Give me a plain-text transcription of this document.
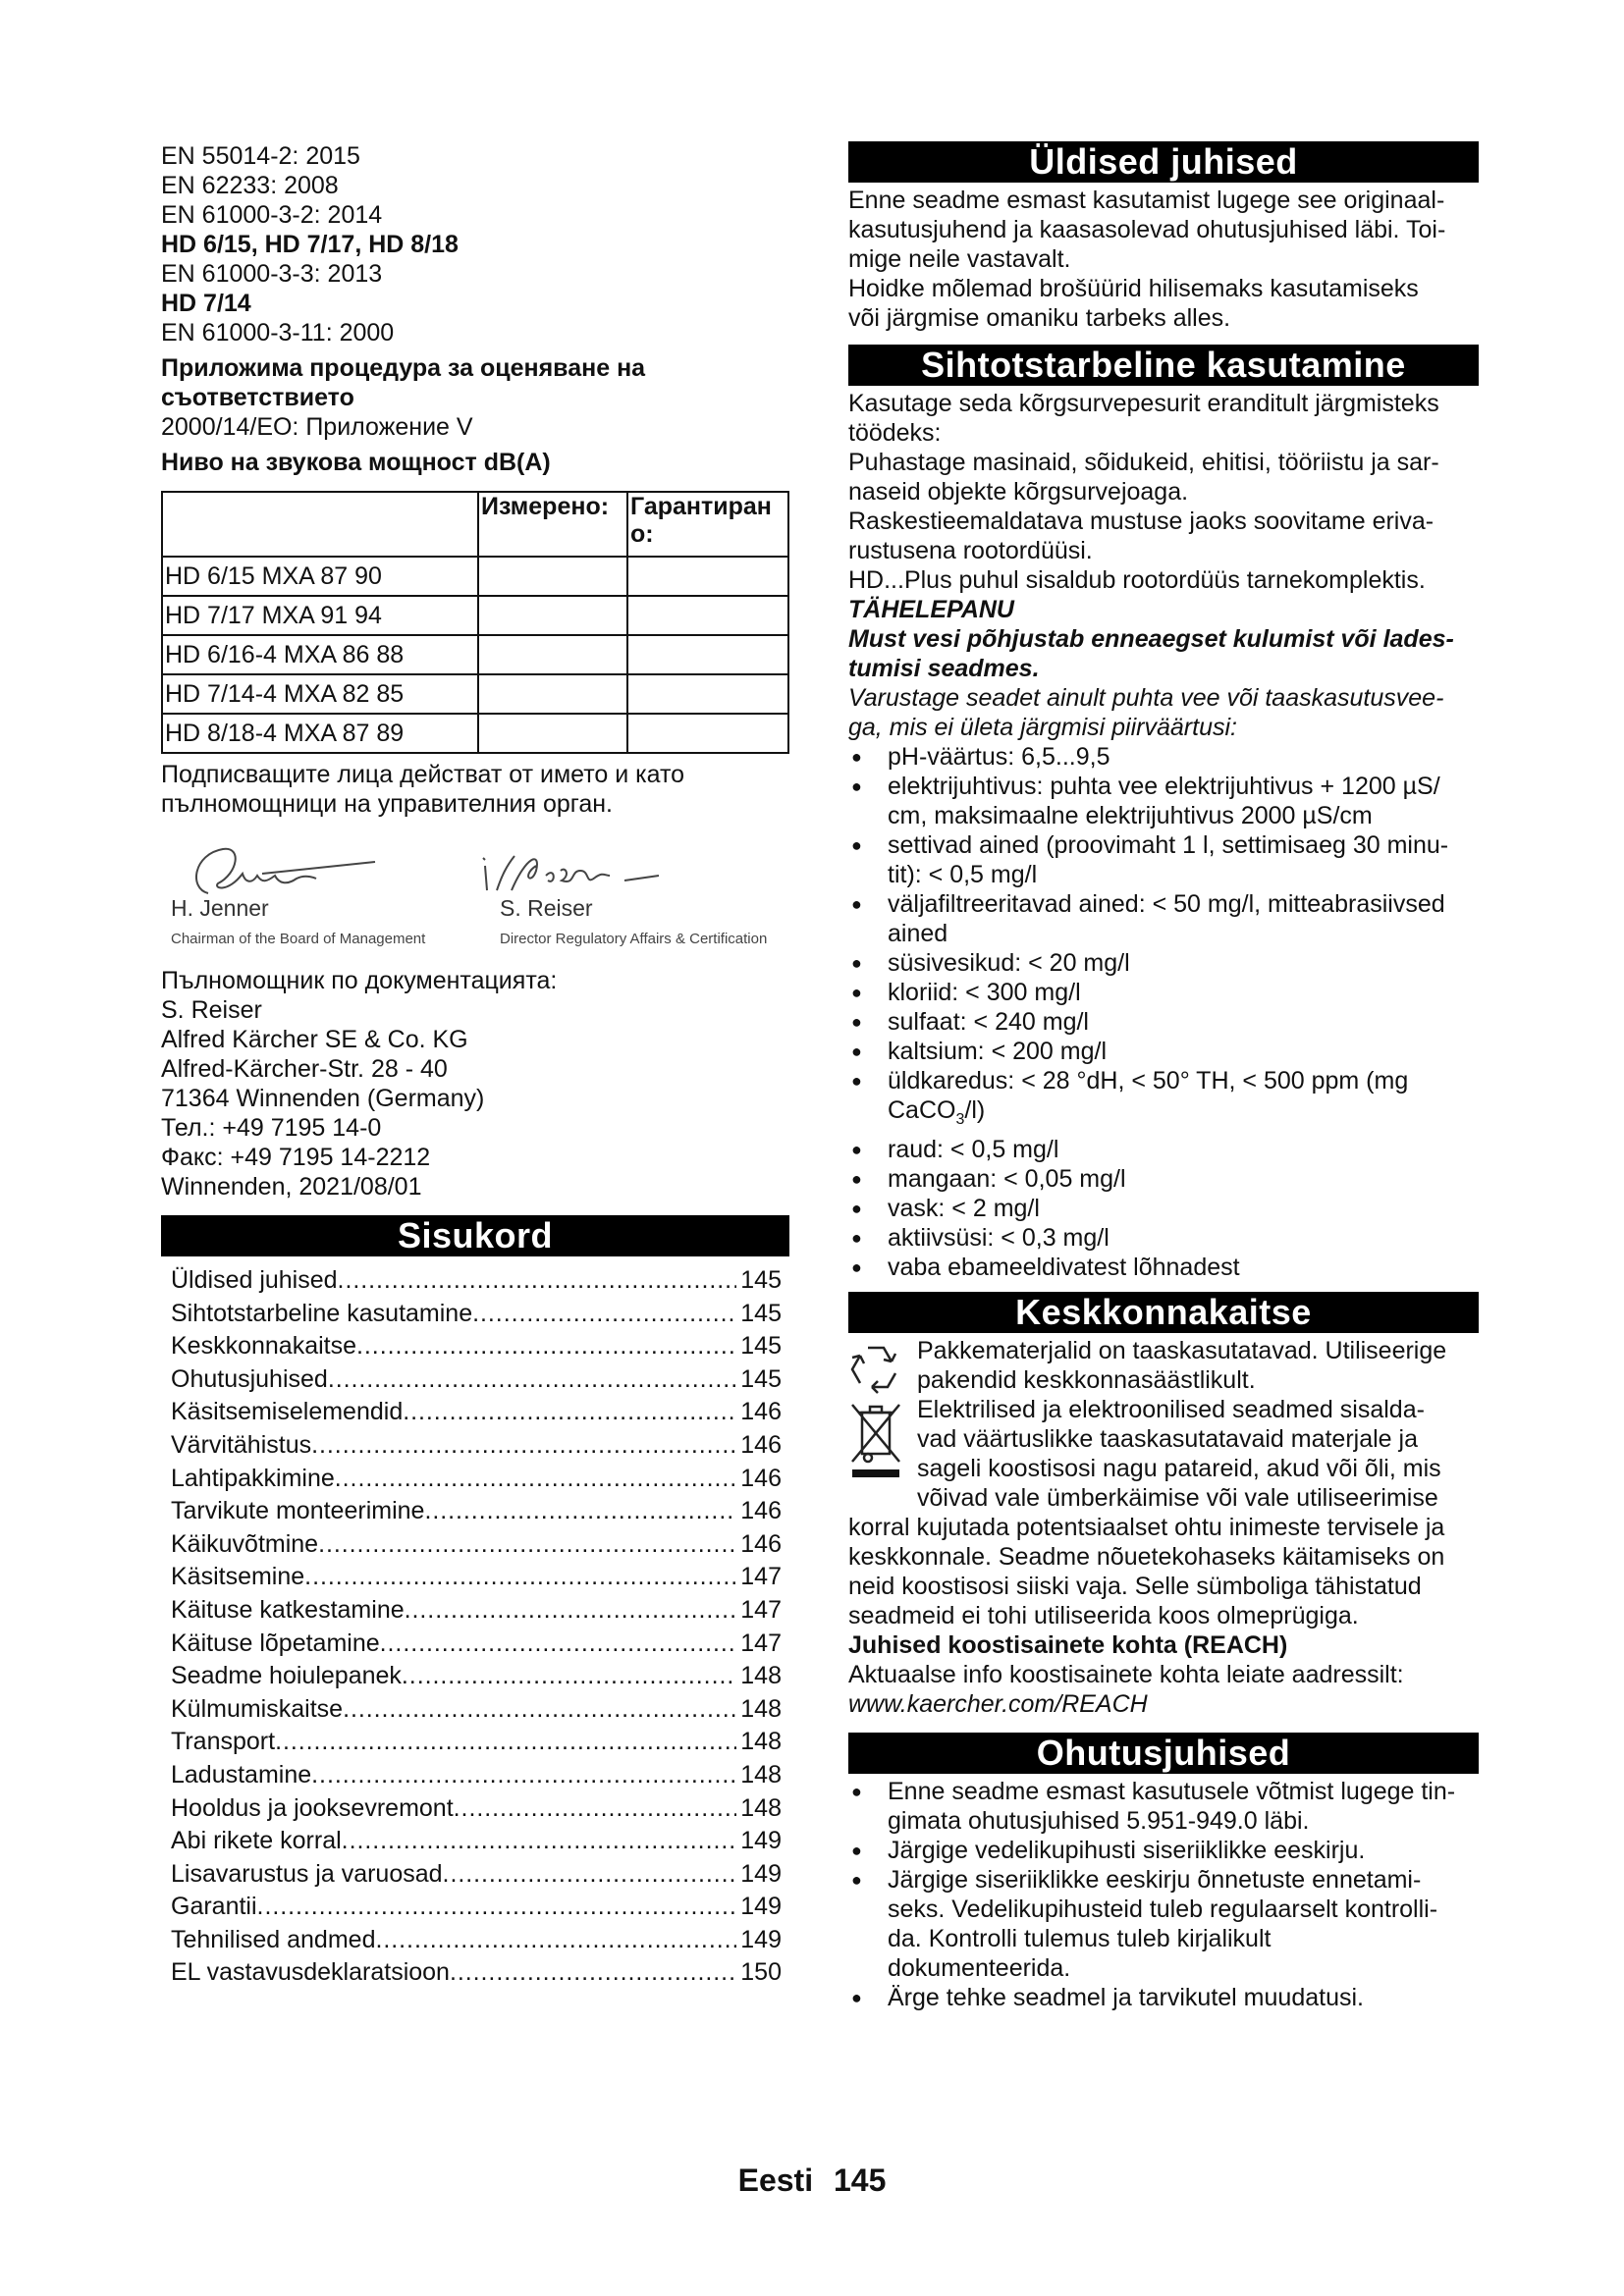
EN 55014-2: 2015
EN 62233: 2008
EN 61000-3-2: 2014
HD 6/15, HD 7/17, HD 8/18
EN 61000-3-3: 2013
HD 7/14
EN 61000-3-11: 2000
Приложима процедура за оценяване на
съответствието
2000/14/EO: Приложение V
Ниво на звукова мощност dB(A)
	Измерено:	Гарантиран
о:
HD 6/15 MXA 87 90		
HD 7/17 MXA 91 94		
HD 6/16-4 MXA 86 88		
HD 7/14-4 MXA 82 85		
HD 8/18-4 MXA 87 89		
Подписващите лица действат от името и като
пълномощници на управителния орган.
H. Jenner
Chairman of the Board of Management
S. Reiser
Director Regulatory Affairs & Certification
Пълномощник по документацията:
S. Reiser
Alfred Kärcher SE & Co. KG
Alfred-Kärcher-Str. 28 - 40
71364 Winnenden (Germany)
Тел.: +49 7195 14-0
Факс: +49 7195 14-2212
Winnenden, 2021/08/01
Sisukord
Üldised juhised . . .	145
Sihtotstarbeline kasutamine . . .	145
Keskkonnakaitse . . .	145
Ohutusjuhised . . .	145
Käsitsemiselemendid . . .	146
Värvitähistus . . .	146
Lahtipakkimine . . .	146
Tarvikute monteerimine . . .	146
Käikuvõtmine . . .	146
Käsitsemine . . .	147
Käituse katkestamine . . .	147
Käituse lõpetamine . . .	147
Seadme hoiulepanek . . .	148
Külmumiskaitse . . .	148
Transport . . .	148
Ladustamine . . .	148
Hooldus ja jooksevremont . . .	148
Abi rikete korral . . .	149
Lisavarustus ja varuosad . . .	149
Garantii . . .	149
Tehnilised andmed . . .	149
EL vastavusdeklaratsioon . . .	150
Üldised juhised
Enne seadme esmast kasutamist lugege see originaal-
kasutusjuhend ja kaasasolevad ohutusjuhised läbi. Toi-
mige neile vastavalt.
Hoidke mõlemad brošüürid hilisemaks kasutamiseks
või järgmise omaniku tarbeks alles.
Sihtotstarbeline kasutamine
Kasutage seda kõrgsurvepesurit eranditult järgmisteks
töödeks:
Puhastage masinaid, sõidukeid, ehitisi, tööriistu ja sar-
naseid objekte kõrgsurvejoaga.
Raskestieemaldatava mustuse jaoks soovitame eriva-
rustusena rootordüüsi.
HD...Plus puhul sisaldub rootordüüs tarnekomplektis.
TÄHELEPANU
Must vesi põhjustab enneaegset kulumist või lades-
tumisi seadmes.
Varustage seadet ainult puhta vee või taaskasutusvee-
ga, mis ei ületa järgmisi piirväärtusi:
● pH-väärtus: 6,5...9,5
● elektrijuhtivus: puhta vee elektrijuhtivus + 1200 µS/
cm, maksimaalne elektrijuhtivus 2000 µS/cm
● settivad ained (proovimaht 1 l, settimisaeg 30 minu-
tit): < 0,5 mg/l
● väljafiltreeritavad ained: < 50 mg/l, mitteabrasiivsed
ained
● süsivesikud: < 20 mg/l
● kloriid: < 300 mg/l
● sulfaat: < 240 mg/l
● kaltsium: < 200 mg/l
● üldkaredus: < 28 °dH, < 50° TH, < 500 ppm (mg
CaCO$_3$/l)
● raud: < 0,5 mg/l
● mangaan: < 0,05 mg/l
● vask: < 2 mg/l
● aktiivsüsi: < 0,3 mg/l
● vaba ebameeldivatest lõhnadest
Keskkonnakaitse
Pakkematerjalid on taaskasutatavad. Utiliseerige
pakendid keskkonnasäästlikult.
Elektrilised ja elektroonilised seadmed sisalda-
vad väärtuslikke taaskasutatavaid materjale ja
sageli koostisosi nagu patareid, akud või õli, mis
võivad vale ümberkäimise või vale utiliseerimise
korral kujutada potentsiaalset ohtu inimeste tervisele ja
keskkonnale. Seadme nõuetekohaseks käitamiseks on
neid koostisosi siiski vaja. Selle sümboliga tähistatud
seadmeid ei tohi utiliseerida koos olmeprügiga.
Juhised koostisainete kohta (REACH)
Aktuaalse info koostisainete kohta leiate aadressilt:
www.kaercher.com/REACH
Ohutusjuhised
● Enne seadme esmast kasutusele võtmist lugege tin-
gimata ohutusjuhised 5.951-949.0 läbi.
● Järgige vedelikupihusti siseriiklikke eeskirju.
● Järgige siseriiklikke eeskirju õnnetuste ennetami-
seks. Vedelikupihusteid tuleb regulaarselt kontrolli-
da. Kontrolli tulemus tuleb kirjalikult
dokumenteerida.
● Ärge tehke seadmel ja tarvikutel muudatusi.
Eesti 145
